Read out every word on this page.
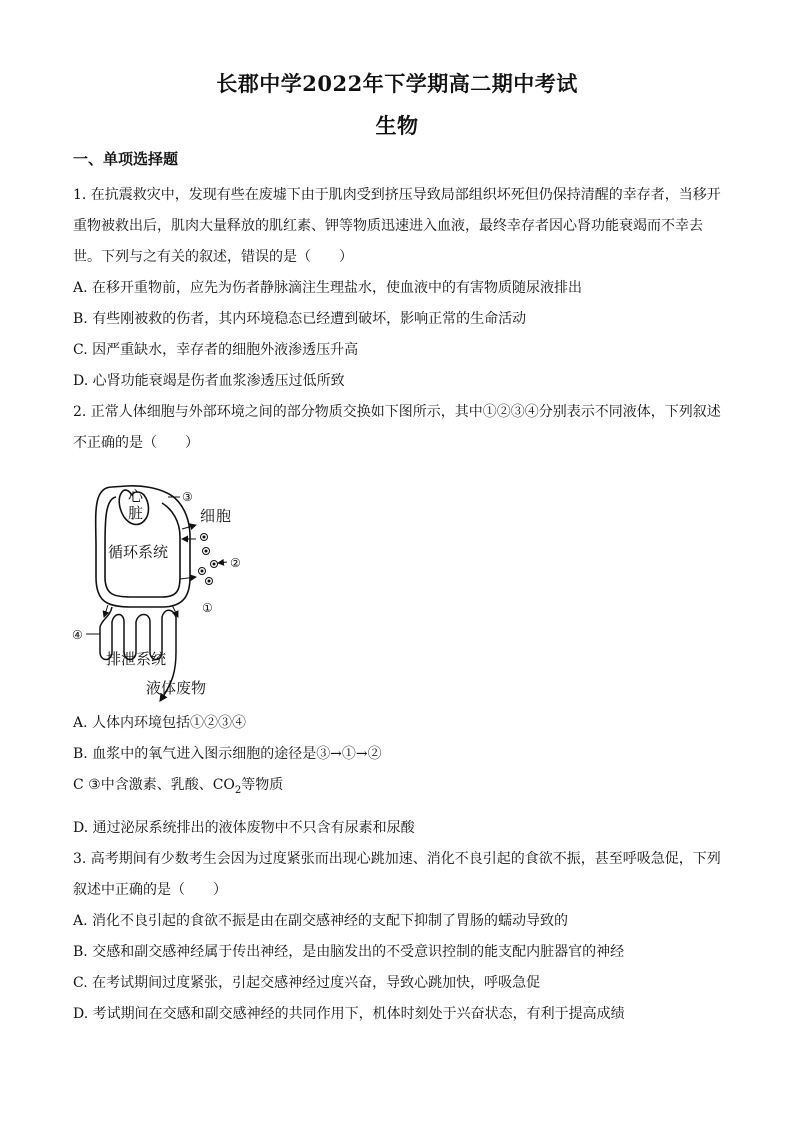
长郡中学2022年下学期高二期中考试
生物
一、单项选择题
1. 在抗震救灾中，发现有些在废墟下由于肌肉受到挤压导致局部组织坏死但仍保持清醒的幸存者，当移开
重物被救出后，肌肉大量释放的肌红素、钾等物质迅速进入血液，最终幸存者因心肾功能衰竭而不幸去
世。下列与之有关的叙述，错误的是（　　）
A. 在移开重物前，应先为伤者静脉滴注生理盐水，使血液中的有害物质随尿液排出
B. 有些刚被救的伤者，其内环境稳态已经遭到破坏，影响正常的生命活动
C. 因严重缺水，幸存者的细胞外液渗透压升高
D. 心肾功能衰竭是伤者血浆渗透压过低所致
2. 正常人体细胞与外部环境之间的部分物质交换如下图所示，其中①②③④分别表示不同液体，下列叙述
不正确的是（　　）
心
脏	细 胞
循环系统
排泄系统
液体废物
③
②
①
④
A. 人体内环境包括①②③④
B. 血浆中的氧气进入图示细胞的途径是③→①→②
C ③中含激素、乳酸、$CO_2$等物质
D. 通过泌尿系统排出的液体废物中不只含有尿素和尿酸
3. 高考期间有少数考生会因为过度紧张而出现心跳加速、消化不良引起的食欲不振，甚至呼吸急促，下列
叙述中正确的是（　　）
A. 消化不良引起的食欲不振是由在副交感神经的支配下抑制了胃肠的蠕动导致的
B. 交感和副交感神经属于传出神经，是由脑发出的不受意识控制的能支配内脏器官的神经
C. 在考试期间过度紧张，引起交感神经过度兴奋，导致心跳加快，呼吸急促
D. 考试期间在交感和副交感神经的共同作用下，机体时刻处于兴奋状态，有利于提高成绩
